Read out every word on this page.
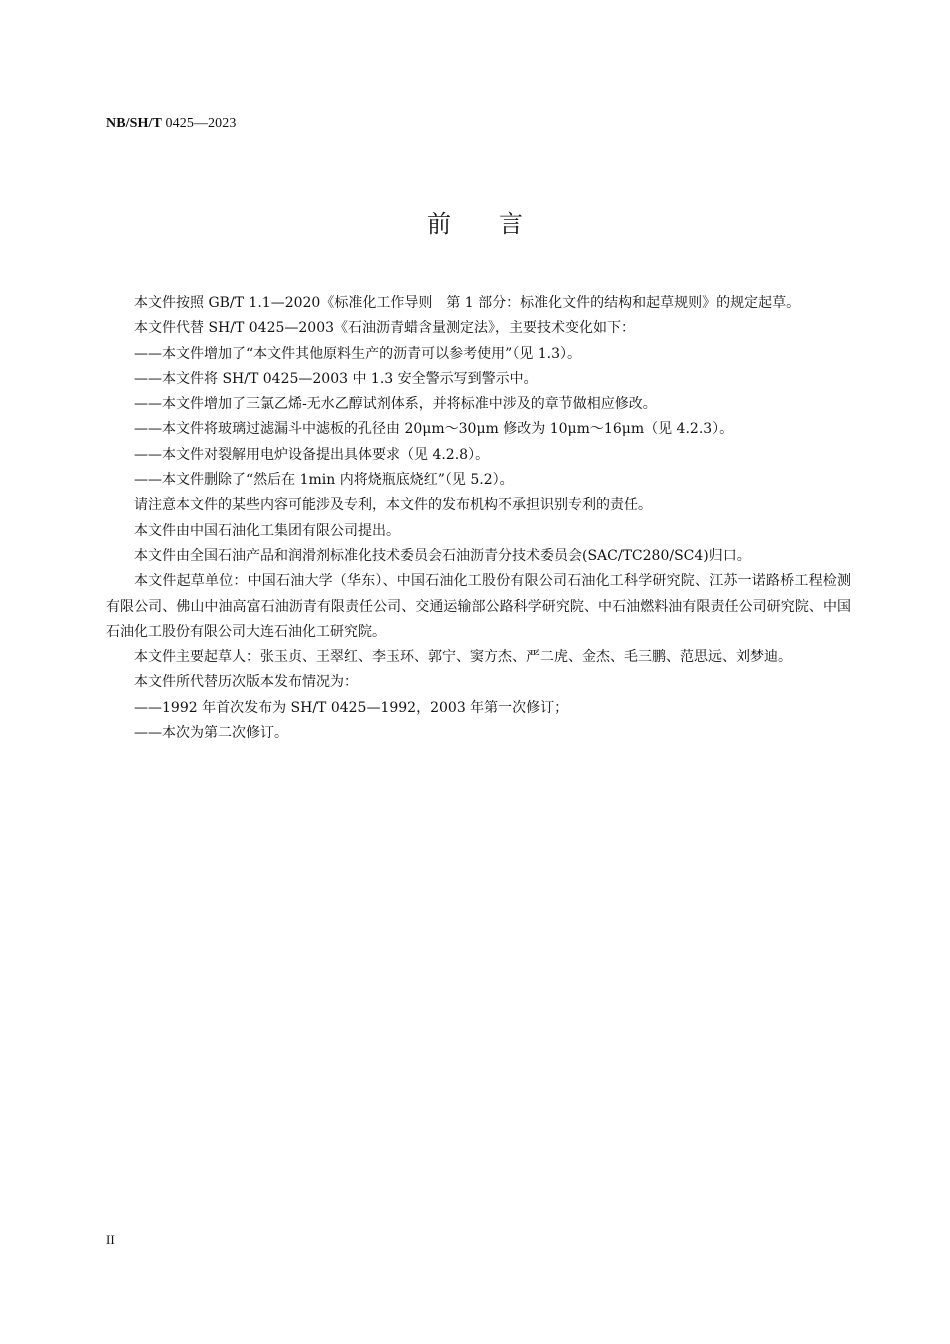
NB/SH/T 0425—2023
前言

本文件按照 GB/T 1.1—2020《标准化工作导则　第 1 部分：标准化文件的结构和起草规则》的规定起草。

本文件代替 SH/T 0425—2003《石油沥青蜡含量测定法》，主要技术变化如下：

——本文件增加了“本文件其他原料生产的沥青可以参考使用”（见 1.3）。

——本文件将 SH/T 0425—2003 中 1.3 安全警示写到警示中。

——本文件增加了三氯乙烯-无水乙醇试剂体系，并将标准中涉及的章节做相应修改。

——本文件将玻璃过滤漏斗中滤板的孔径由 20μm～30μm 修改为 10μm～16μm（见 4.2.3）。

——本文件对裂解用电炉设备提出具体要求（见 4.2.8）。

——本文件删除了“然后在 1min 内将烧瓶底烧红”（见 5.2）。

请注意本文件的某些内容可能涉及专利，本文件的发布机构不承担识别专利的责任。

本文件由中国石油化工集团有限公司提出。

本文件由全国石油产品和润滑剂标准化技术委员会石油沥青分技术委员会(SAC/TC280/SC4)归口。

本文件起草单位：中国石油大学（华东）、中国石油化工股份有限公司石油化工科学研究院、江苏一诺路桥工程检测有限公司、佛山中油高富石油沥青有限责任公司、交通运输部公路科学研究院、中石油燃料油有限责任公司研究院、中国石油化工股份有限公司大连石油化工研究院。

本文件主要起草人：张玉贞、王翠红、李玉环、郭宁、窦方杰、严二虎、金杰、毛三鹏、范思远、刘梦迪。

本文件所代替历次版本发布情况为：

——1992 年首次发布为 SH/T 0425—1992，2003 年第一次修订；

——本次为第二次修订。

II
